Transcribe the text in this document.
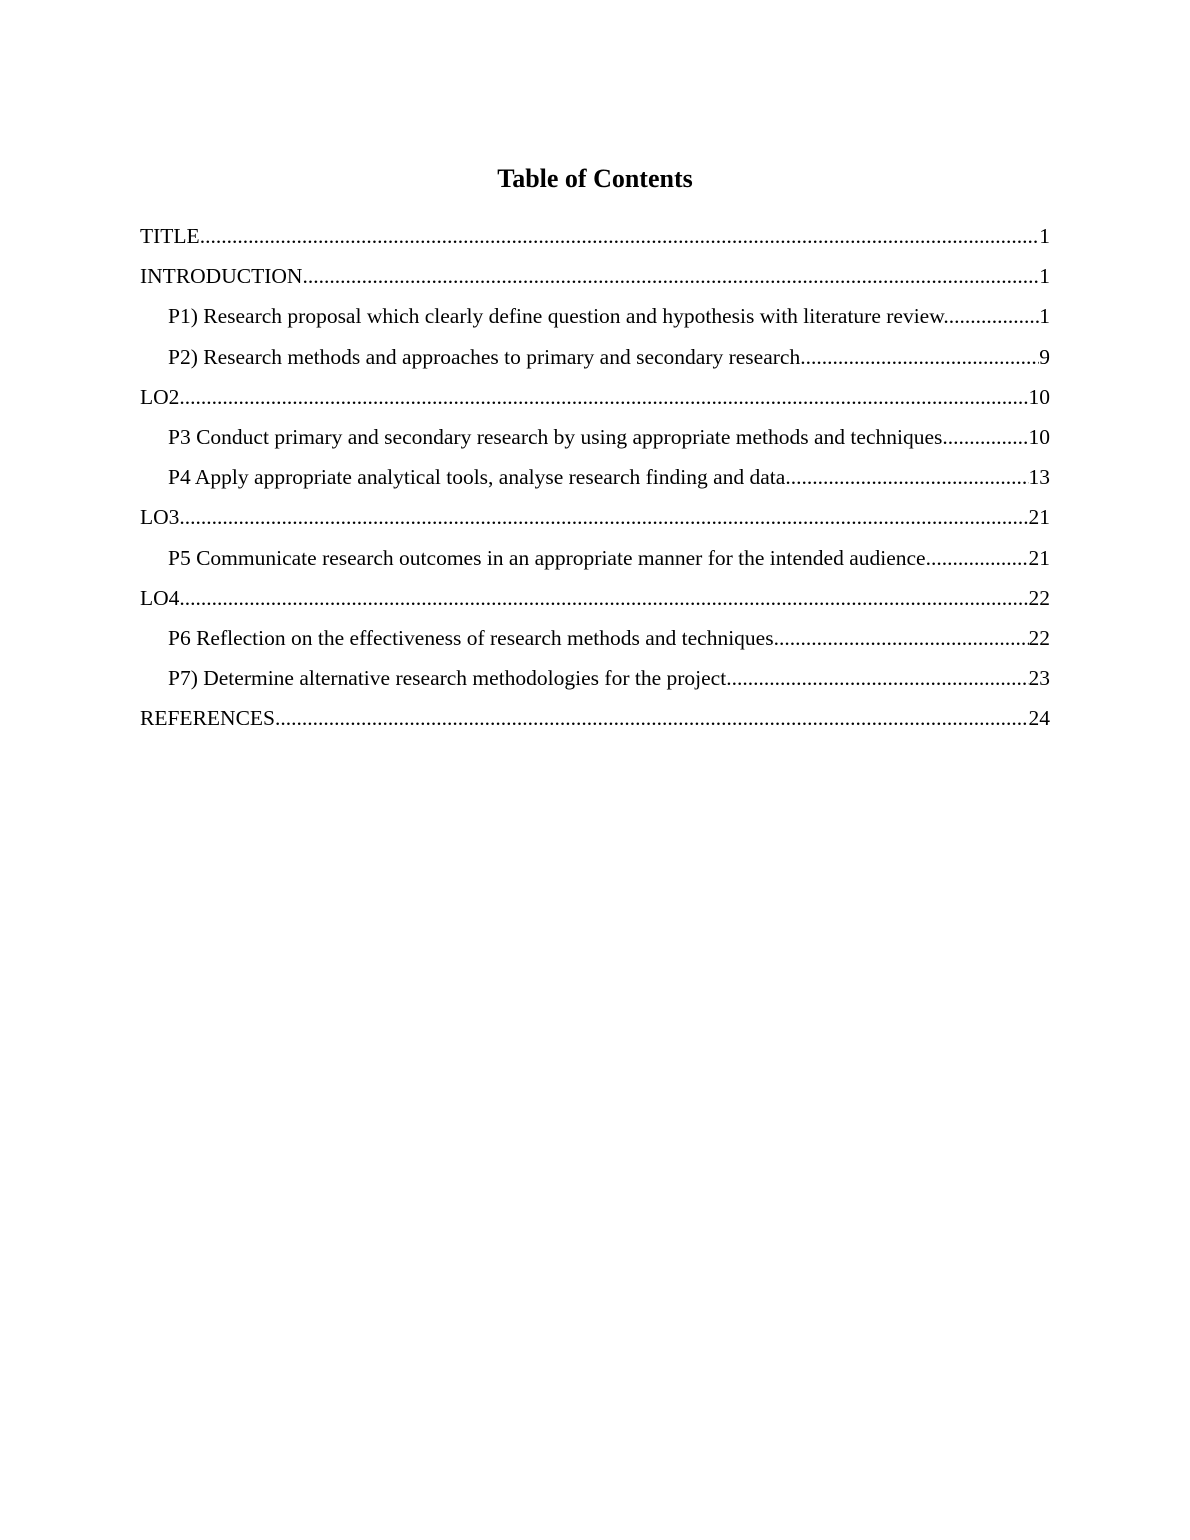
Table of Contents
TITLE .....	1
INTRODUCTION .....	1
P1) Research proposal which clearly define question and hypothesis with literature review. .....	1
P2) Research methods and approaches to primary and secondary research. .....	9
LO2 .....	10
P3 Conduct primary and secondary research by using appropriate methods and techniques .....	10
P4 Apply appropriate analytical tools, analyse research finding and data. .....	13
LO3 .....	21
P5 Communicate research outcomes in an appropriate manner for the intended audience .....	21
LO4 .....	22
P6 Reflection on the effectiveness of research methods and techniques. .....	22
P7) Determine alternative research methodologies for the project .....	23
REFERENCES .....	24
